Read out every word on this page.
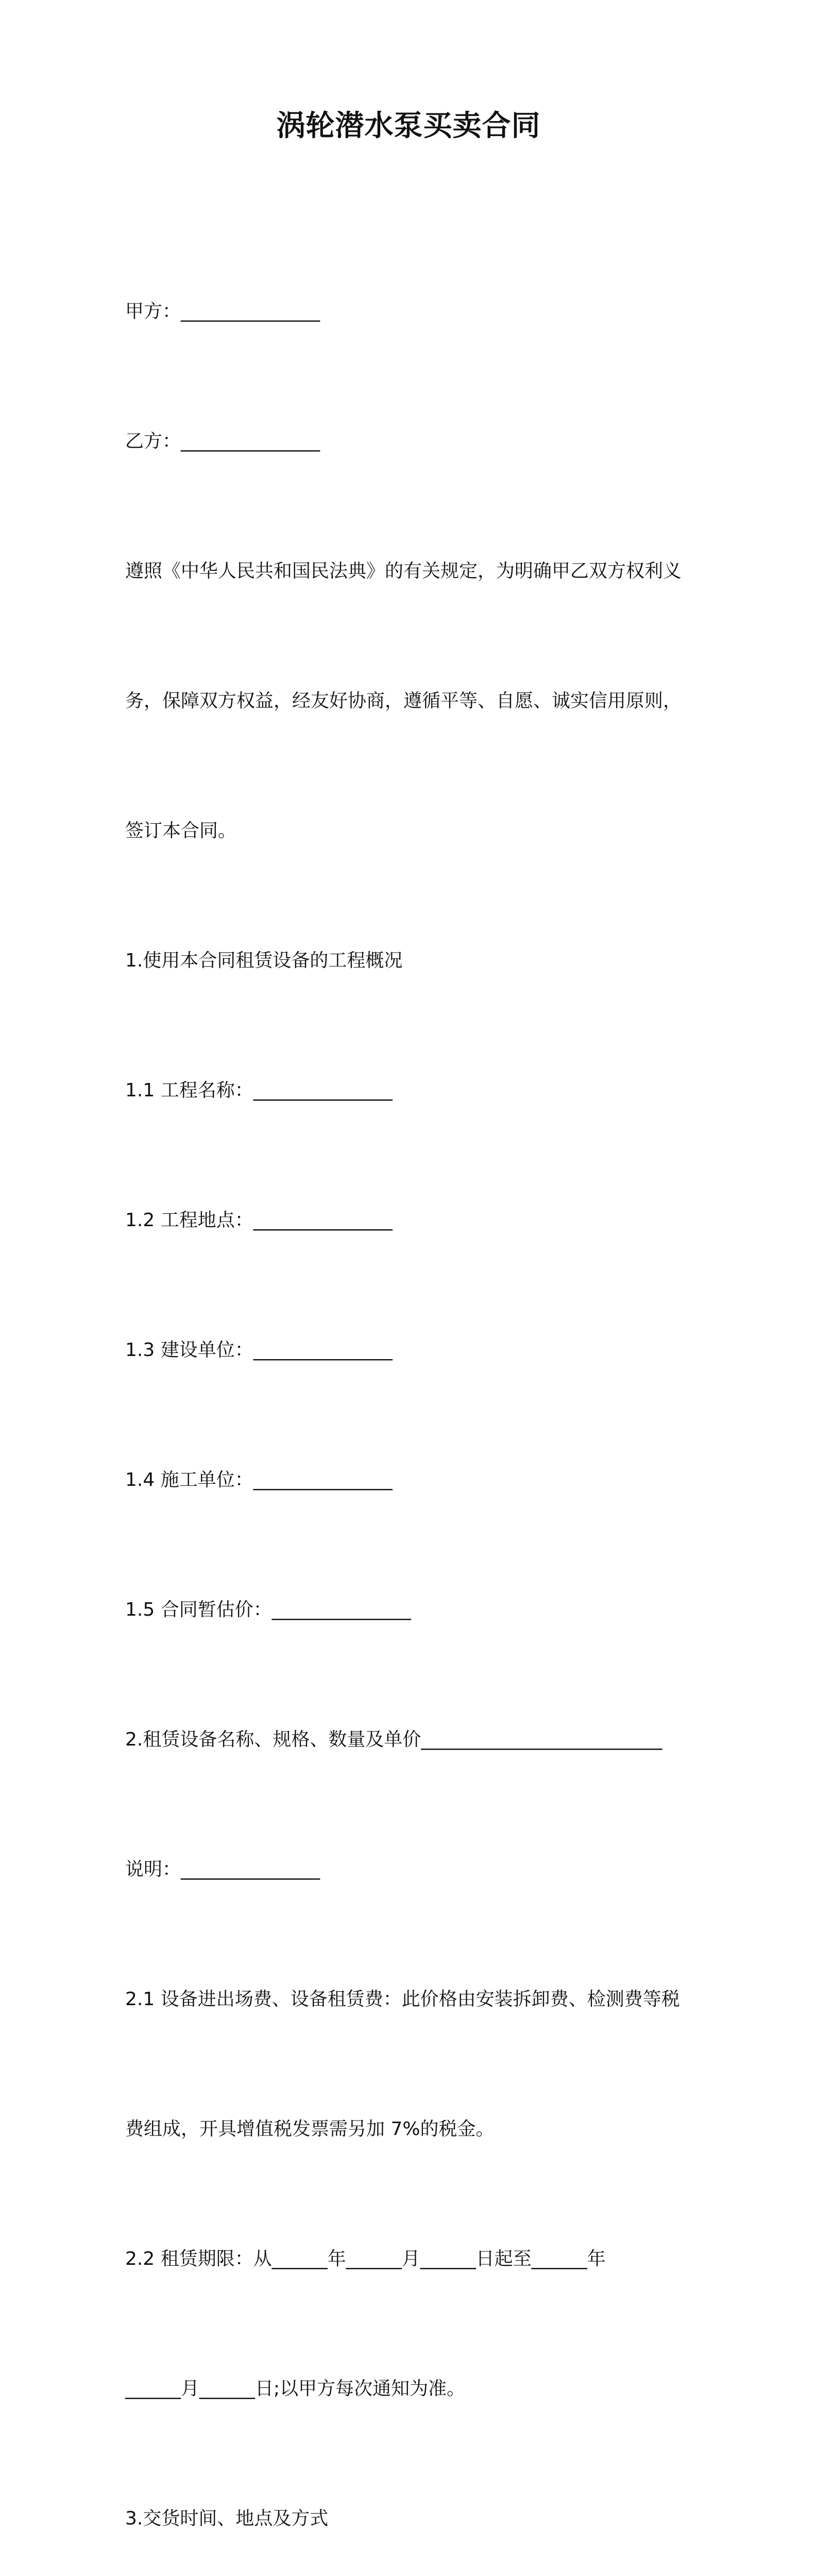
涡轮潜水泵买卖合同

甲方：_______________

乙方：_______________

遵照《中华人民共和国民法典》的有关规定，为明确甲乙双方权利义

务，保障双方权益，经友好协商，遵循平等、自愿、诚实信用原则，

签订本合同。

1.使用本合同租赁设备的工程概况

1.1 工程名称：_______________

1.2 工程地点：_______________

1.3 建设单位：_______________

1.4 施工单位：_______________

1.5 合同暂估价：_______________

2.租赁设备名称、规格、数量及单价__________________________

说明：_______________

2.1 设备进出场费、设备租赁费：此价格由安装拆卸费、检测费等税

费组成，开具增值税发票需另加 7%的税金。

2.2 租赁期限：从______年______月______日起至______年

______月______日;以甲方每次通知为准。

3.交货时间、地点及方式
